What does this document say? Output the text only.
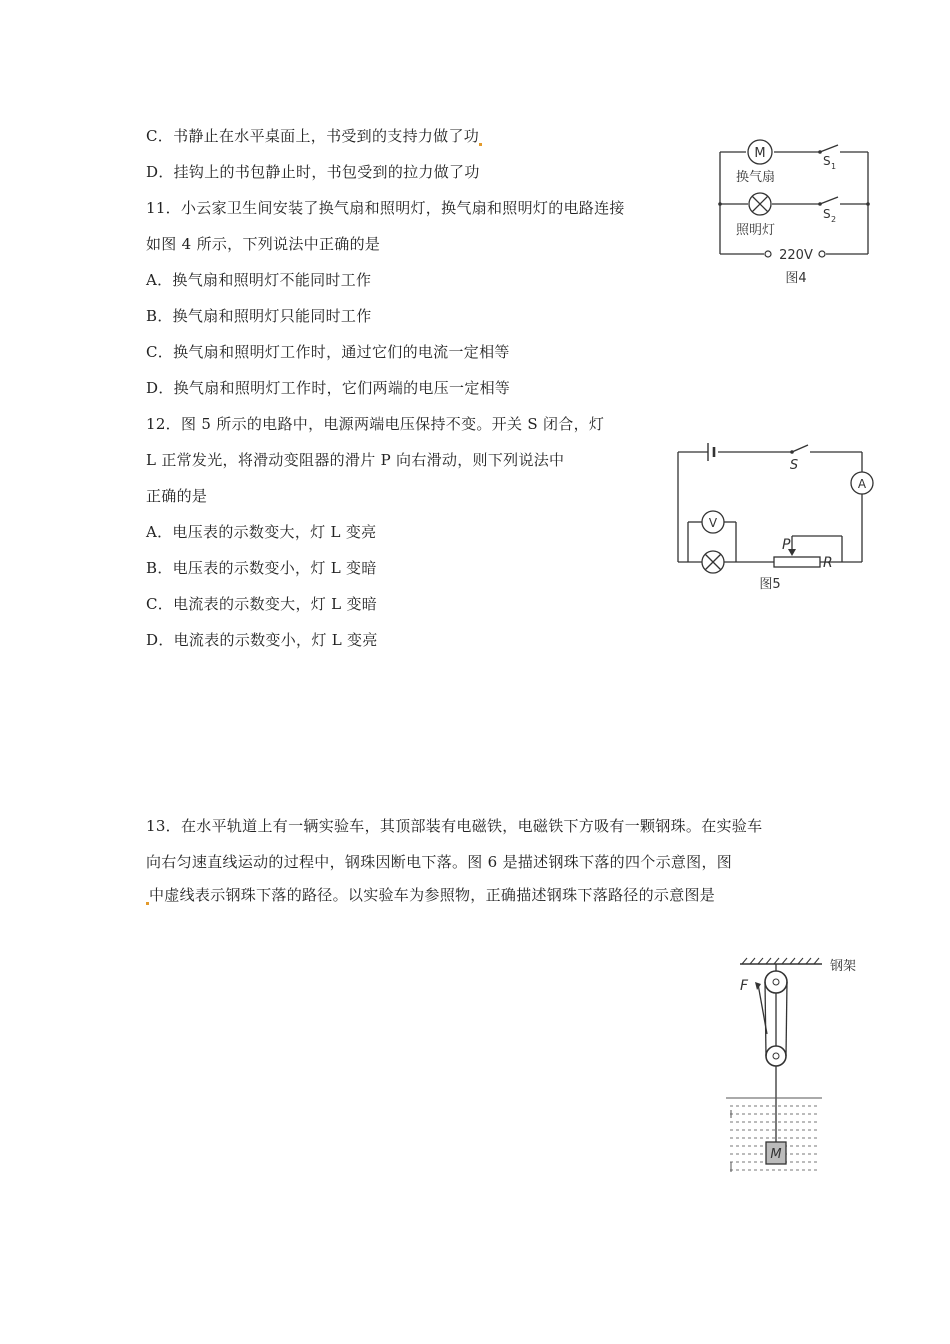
C．书静止在水平桌面上，书受到的支持力做了功
D．挂钩上的书包静止时，书包受到的拉力做了功
11．小云家卫生间安装了换气扇和照明灯，换气扇和照明灯的电路连接
如图 4 所示，下列说法中正确的是
A．换气扇和照明灯不能同时工作
B．换气扇和照明灯只能同时工作
C．换气扇和照明灯工作时，通过它们的电流一定相等
D．换气扇和照明灯工作时，它们两端的电压一定相等
M
换气扇
照明灯
S 1
S 2
220V
图4
12．图 5 所示的电路中，电源两端电压保持不变。开关 S 闭合，灯
L 正常发光，将滑动变阻器的滑片 P 向右滑动，则下列说法中
正确的是
A．电压表的示数变大，灯 L 变亮
B．电压表的示数变小，灯 L 变暗
C．电流表的示数变大，灯 L 变暗
D．电流表的示数变小，灯 L 变亮
A
V
S
P
R
图5
13．在水平轨道上有一辆实验车，其顶部装有电磁铁，电磁铁下方吸有一颗钢珠。在实验车
向右匀速直线运动的过程中，钢珠因断电下落。图 6 是描述钢珠下落的四个示意图，图
中虚线表示钢珠下落的路径。以实验车为参照物，正确描述钢珠下落路径的示意图是
钢架
F
M
